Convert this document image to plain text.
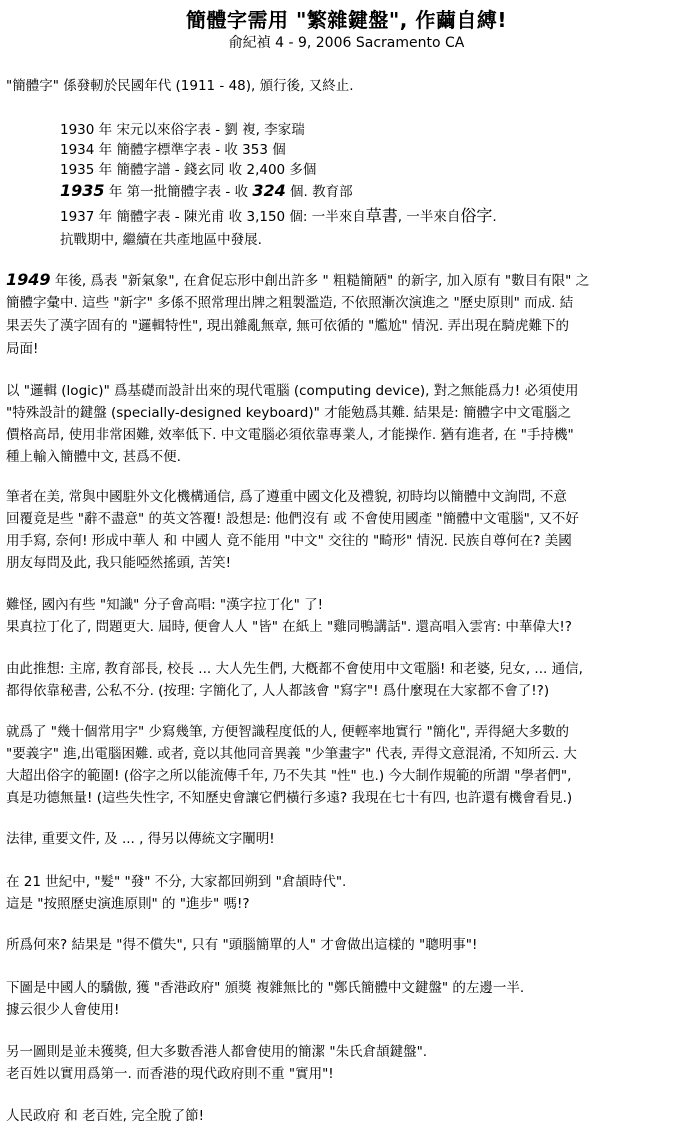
簡體字需用 "繁雜鍵盤", 作繭自縛!
俞紀禎 4 - 9, 2006 Sacramento CA
"簡體字" 係發軔於民國年代 (1911 - 48), 頒行後, 又終止.
1930 年 宋元以來俗字表 - 劉 複, 李家瑞
1934 年 簡體字標準字表 - 收 353 個
1935 年 簡體字譜 - 錢玄同 收 2,400 多個
1935 年 第一批簡體字表 - 收 324 個. 教育部
1937 年 簡體字表 - 陳光甫 收 3,150 個: 一半來自草書, 一半來自俗字.
抗戰期中, 繼續在共產地區中發展.
1949 年後, 爲表 "新氣象", 在倉促忘形中創出許多 " 粗糙簡陋" 的新字, 加入原有 "數目有限" 之
簡體字彙中. 這些 "新字" 多係不照常理出牌之粗製濫造, 不依照漸次演進之 "歷史原則" 而成. 結
果丟失了漢字固有的 "邏輯特性", 現出雜亂無章, 無可依循的 "尷尬" 情況. 弄出現在騎虎難下的
局面!
以 "邏輯 (logic)" 爲基礎而設計出來的現代電腦 (computing device), 對之無能爲力! 必須使用
"特殊設計的鍵盤 (specially-designed keyboard)" 才能勉爲其難. 結果是: 簡體字中文電腦之
價格高昂, 使用非常困難, 效率低下. 中文電腦必須依靠專業人, 才能操作. 猶有進者, 在 "手持機"
種上輸入簡體中文, 甚爲不便.
筆者在美, 常與中國駐外文化機構通信, 爲了遵重中國文化及禮貌, 初時均以簡體中文詢問, 不意
回覆竟是些 "辭不盡意" 的英文答覆! 設想是: 他們沒有 或 不會使用國產 "簡體中文電腦", 又不好
用手寫, 奈何! 形成中華人 和 中國人 竟不能用 "中文" 交往的 "畸形" 情況. 民族自尊何在? 美國
朋友每問及此, 我只能啞然搖頭, 苦笑!
難怪, 國內有些 "知識" 分子會高唱: "漢字拉丁化" 了!
果真拉丁化了, 問題更大. 屆時, 便會人人 "皆" 在紙上 "雞同鴨講話". 還高唱入雲宵: 中華偉大!?
由此推想: 主席, 教育部長, 校長 ... 大人先生們, 大槪都不會使用中文電腦! 和老婆, 兒女, ... 通信,
都得依靠秘書, 公私不分. (按理: 字簡化了, 人人都該會 "寫字"! 爲什麼現在大家都不會了!?)
就爲了 "幾十個常用字" 少寫幾筆, 方便智識程度低的人, 便輕率地實行 "簡化", 弄得絕大多數的
"要義字" 進,出電腦困難. 或者, 竟以其他同音異義 "少筆畫字" 代表, 弄得文意混淆, 不知所云. 大
大超出俗字的範圍! (俗字之所以能流傳千年, 乃不失其 "性" 也.) 今大制作規範的所謂 "學者們",
真是功德無量! (這些失性字, 不知歷史會讓它們橫行多遠? 我現在七十有四, 也許還有機會看見.)
法律, 重要文件, 及 ... , 得另以傳統文字闡明!
在 21 世紀中, "髮" "發" 不分, 大家都回朔到 "倉頡時代".
這是 "按照歷史演進原則" 的 "進步" 嗎!?
所爲何來? 結果是 "得不償失", 只有 "頭腦簡單的人" 才會做出這樣的 "聰明事"!
下圖是中國人的驕傲, 獲 "香港政府" 頒獎 複雜無比的 "鄭氏簡體中文鍵盤" 的左邊一半.
據云很少人會使用!
另一圖則是並未獲獎, 但大多數香港人都會使用的簡潔 "朱氏倉頡鍵盤".
老百姓以實用爲第一. 而香港的現代政府則不重 "實用"!
人民政府 和 老百姓, 完全脫了節!
